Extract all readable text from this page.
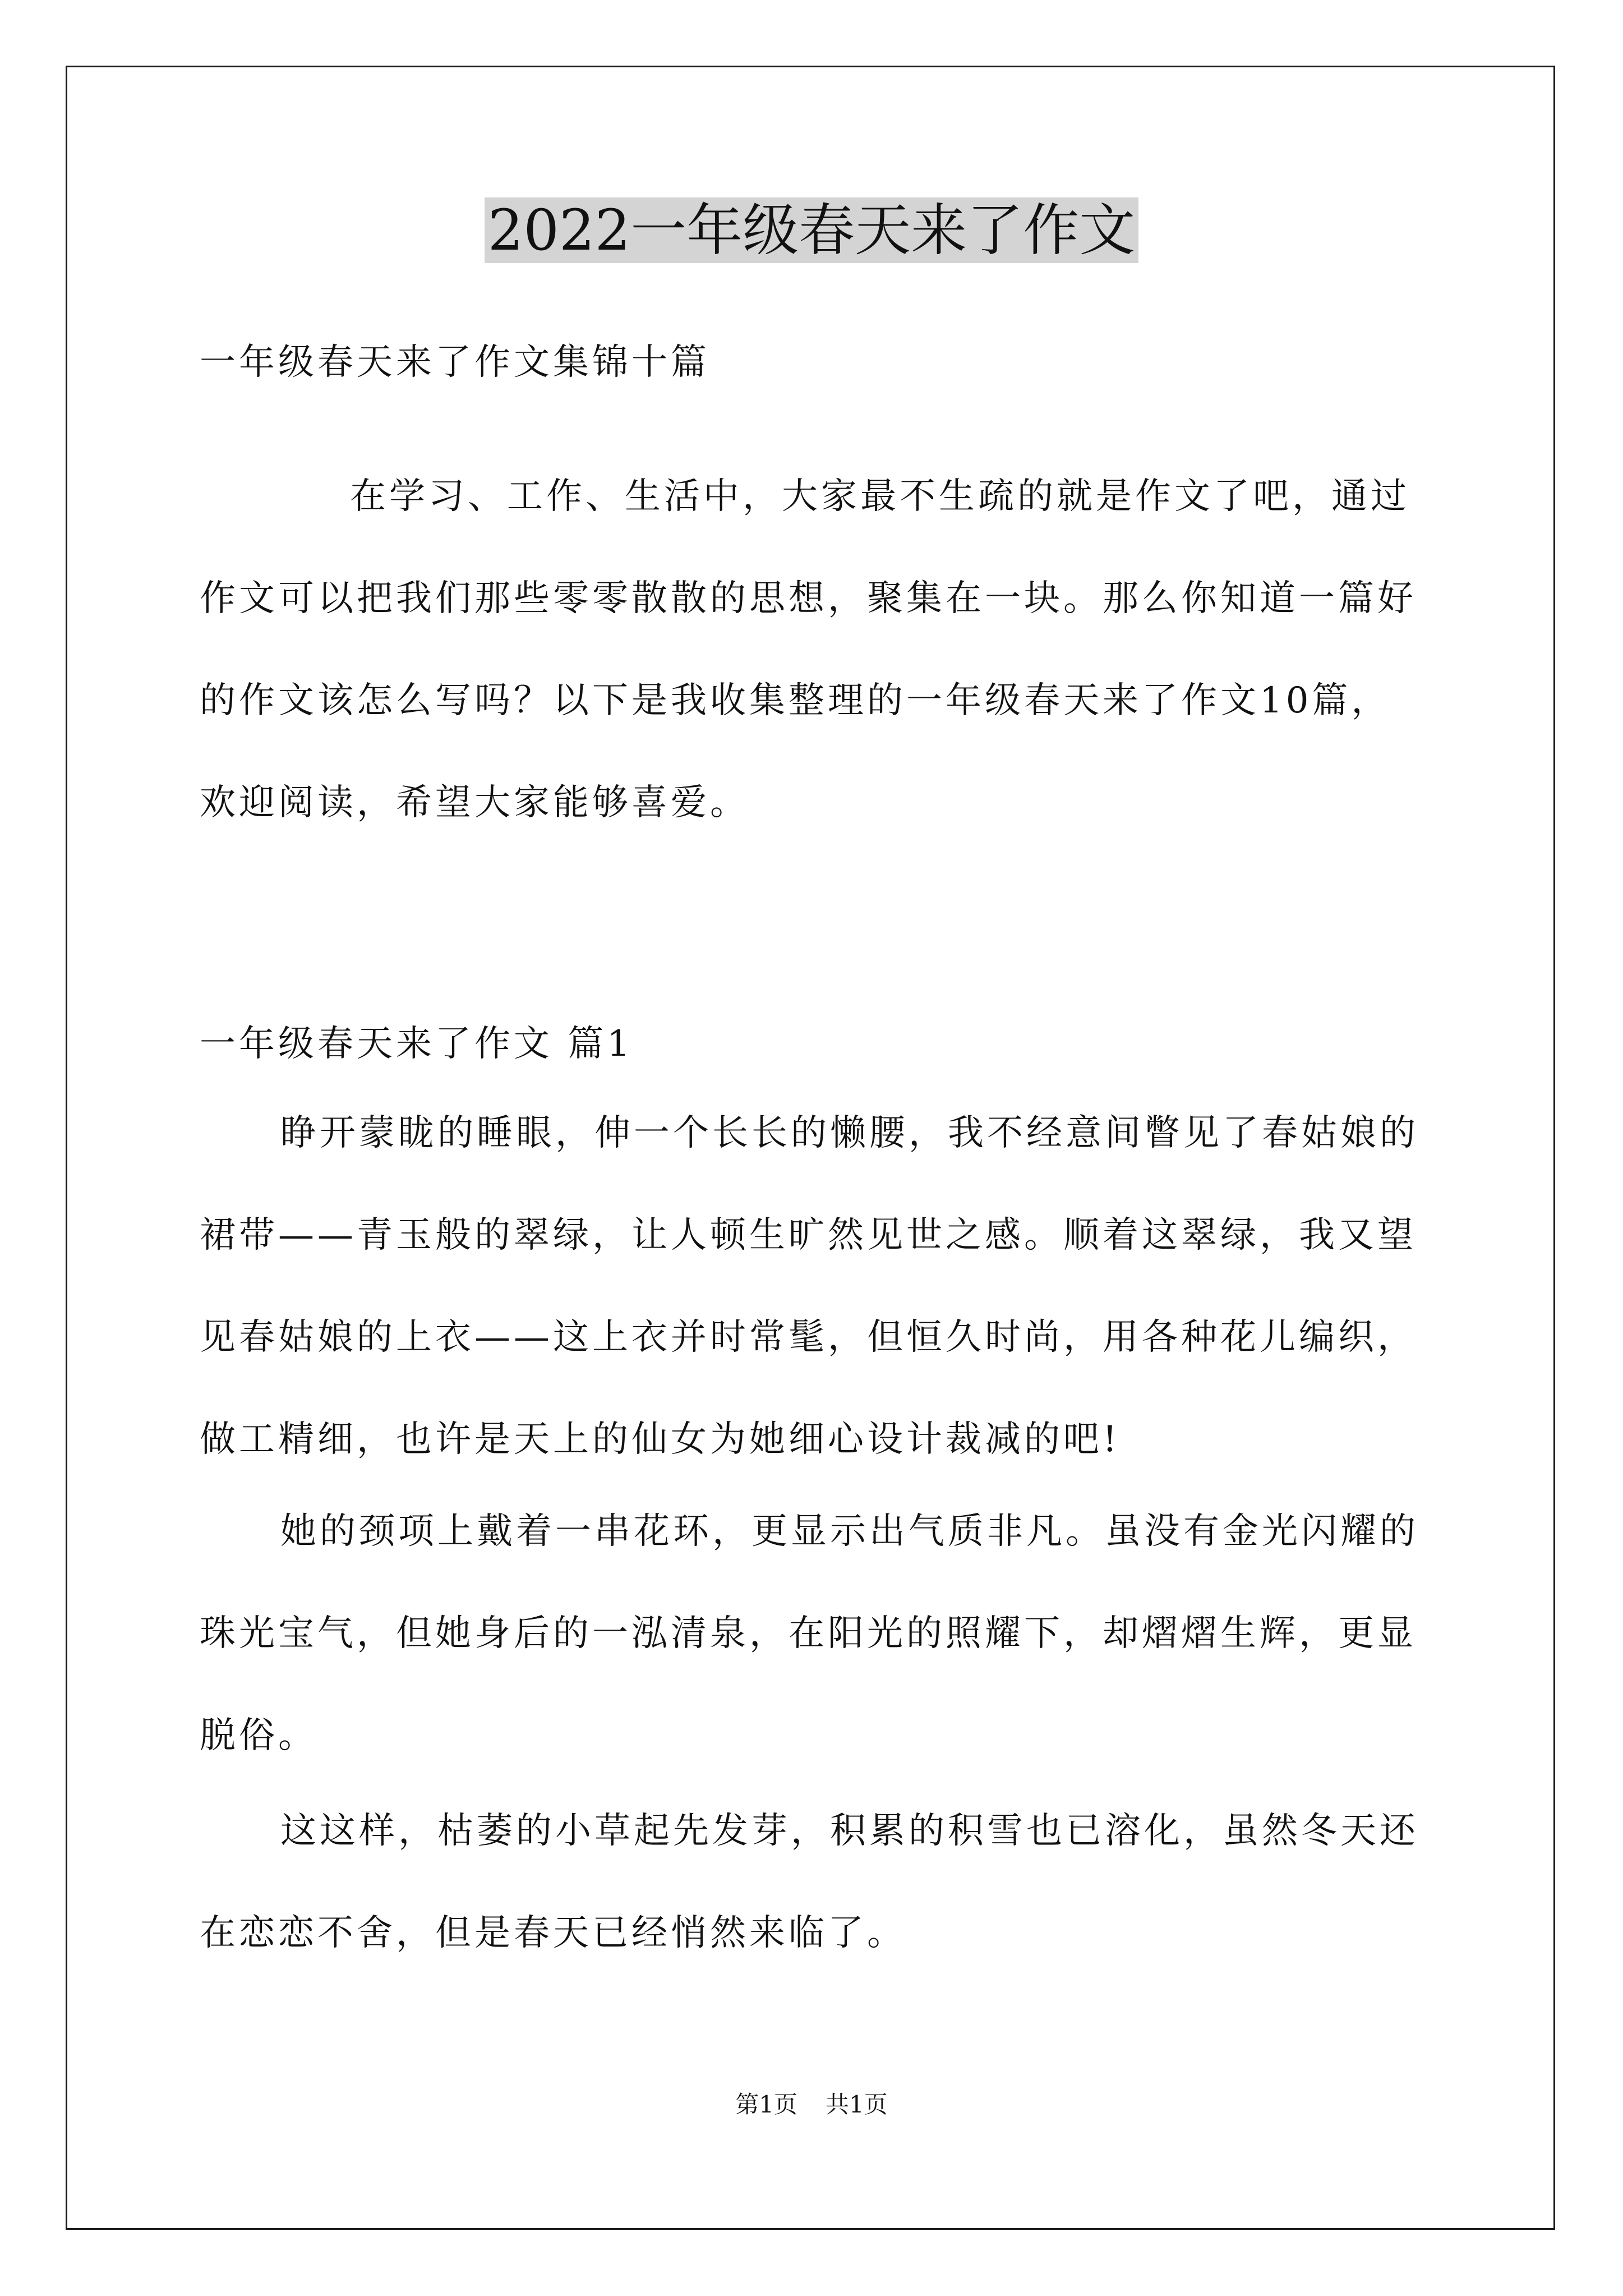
2022一年级春天来了作文

一年级春天来了作文集锦十篇

在学习、工作、生活中，大家最不生疏的就是作文了吧，通过作文可以把我们那些零零散散的思想，聚集在一块。那么你知道一篇好的作文该怎么写吗？以下是我收集整理的一年级春天来了作文10篇，欢迎阅读，希望大家能够喜爱。

一年级春天来了作文 篇1

睁开蒙眬的睡眼，伸一个长长的懒腰，我不经意间瞥见了春姑娘的裙带——青玉般的翠绿，让人顿生旷然见世之感。顺着这翠绿，我又望见春姑娘的上衣——这上衣并时常髦，但恒久时尚，用各种花儿编织，做工精细，也许是天上的仙女为她细心设计裁减的吧!

她的颈项上戴着一串花环，更显示出气质非凡。虽没有金光闪耀的珠光宝气，但她身后的一泓清泉，在阳光的照耀下，却熠熠生辉，更显脱俗。

这这样，枯萎的小草起先发芽，积累的积雪也已溶化，虽然冬天还在恋恋不舍，但是春天已经悄然来临了。

第1页 共1页
